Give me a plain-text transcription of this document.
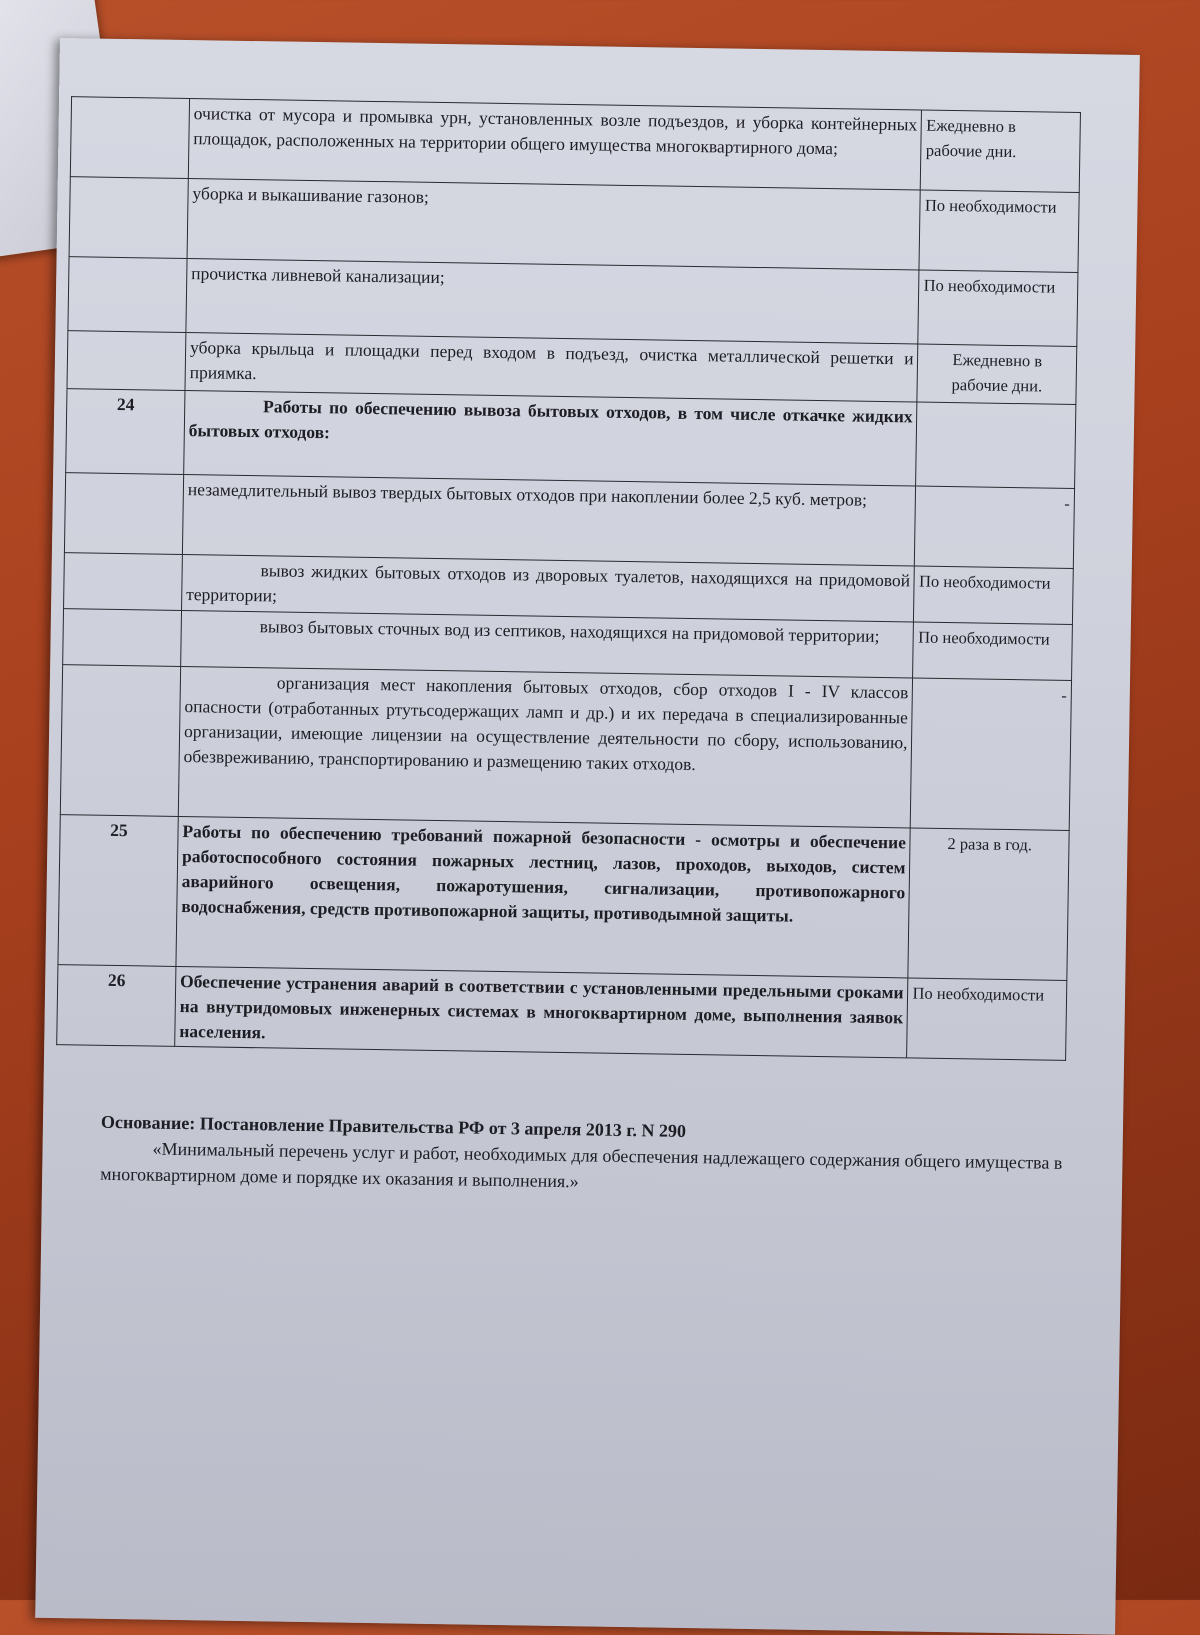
	очистка от мусора и промывка урн, установленных возле подъездов, и уборка контейнерных площадок, расположенных на территории общего имущества многоквартирного дома;	Ежедневно в рабочие дни.
	уборка и выкашивание газонов;	По необходимости
	прочистка ливневой канализации;	По необходимости
	уборка крыльца и площадки перед входом в подъезд, очистка металлической решетки и приямка.	Ежедневно в рабочие дни.
24	Работы по обеспечению вывоза бытовых отходов, в том числе откачке жидких бытовых отходов:	
	незамедлительный вывоз твердых бытовых отходов при накоплении более 2,5 куб. метров;	-
	вывоз жидких бытовых отходов из дворовых туалетов, находящихся на придомовой территории;	По необходимости
	вывоз бытовых сточных вод из септиков, находящихся на придомовой территории;	По необходимости
	организация мест накопления бытовых отходов, сбор отходов I - IV классов опасности (отработанных ртутьсодержащих ламп и др.) и их передача в специализированные организации, имеющие лицензии на осуществление деятельности по сбору, использованию, обезвреживанию, транспортированию и размещению таких отходов.	-
25	Работы по обеспечению требований пожарной безопасности - осмотры и обеспечение работоспособного состояния пожарных лестниц, лазов, проходов, выходов, систем аварийного освещения, пожаротушения, сигнализации, противопожарного водоснабжения, средств противопожарной защиты, противодымной защиты.	2 раза в год.
26	Обеспечение устранения аварий в соответствии с установленными предельными сроками на внутридомовых инженерных системах в многоквартирном доме, выполнения заявок населения.	По необходимости
Основание: Постановление Правительства РФ от 3 апреля 2013 г. N 290
«Минимальный перечень услуг и работ, необходимых для обеспечения надлежащего содержания общего имущества в многоквартирном доме и порядке их оказания и выполнения.»
